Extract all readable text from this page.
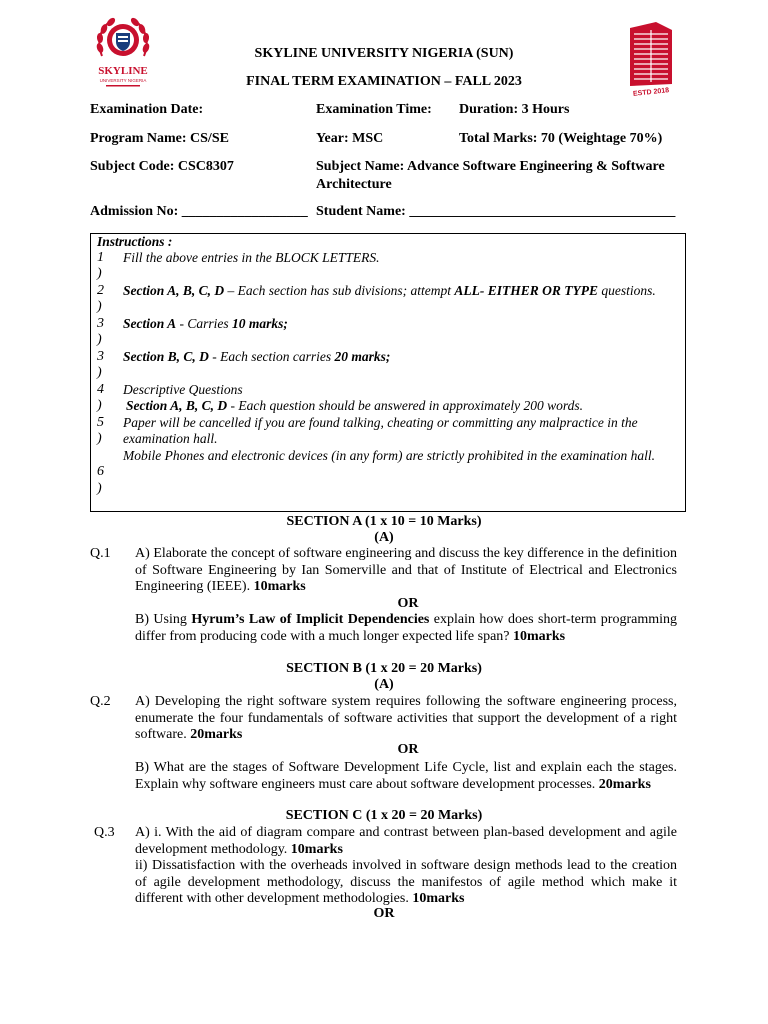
SKYLINE
UNIVERSITY NIGERIA
ESTD 2018
SKYLINE UNIVERSITY NIGERIA (SUN)
FINAL TERM EXAMINATION – FALL 2023
Examination Date:	Examination Time: Duration: 3 Hours
Program Name: CS/SE	Year: MSC	Total Marks: 70 (Weightage 70%)
Subject Code: CSC8307	Subject Name: Advance Software Engineering & Software
Architecture
Admission No: __________________ Student Name: ______________________________________
Instructions :
1
)
2
)
3
)
3
)
4
)
5
)
6
)
Fill the above entries in the BLOCK LETTERS.
Section A, B, C, D – Each section has sub divisions; attempt ALL- EITHER OR TYPE questions.
Section A - Carries 10 marks;
Section B, C, D - Each section carries 20 marks;
Descriptive Questions
Section A, B, C, D - Each question should be answered in approximately 200 words.
Paper will be cancelled if you are found talking, cheating or committing any malpractice in the examination hall.
Mobile Phones and electronic devices (in any form) are strictly prohibited in the examination hall.
SECTION A (1 x 10 = 10 Marks)
(A)
Q.1 A) Elaborate the concept of software engineering and discuss the key difference in the definition of Software Engineering by Ian Somerville and that of Institute of Electrical and Electronics Engineering (IEEE). 10marks
OR
B) Using Hyrum’s Law of Implicit Dependencies explain how does short-term programming differ from producing code with a much longer expected life span? 10marks
SECTION B (1 x 20 = 20 Marks)
(A)
Q.2 A) Developing the right software system requires following the software engineering process, enumerate the four fundamentals of software activities that support the development of a right software. 20marks
OR
B) What are the stages of Software Development Life Cycle, list and explain each the stages. Explain why software engineers must care about software development processes. 20marks
SECTION C (1 x 20 = 20 Marks)
Q.3 A) i. With the aid of diagram compare and contrast between plan-based development and agile development methodology. 10marks
ii) Dissatisfaction with the overheads involved in software design methods lead to the creation of agile development methodology, discuss the manifestos of agile method which make it different with other development methodologies. 10marks
OR
